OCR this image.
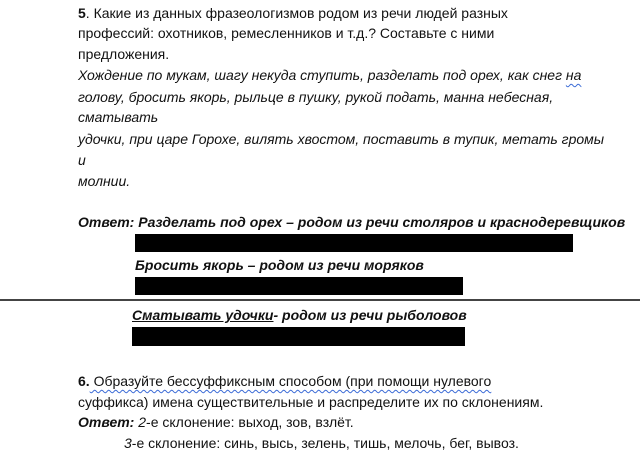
5. Какие из данных фразеологизмов родом из речи людей разных
профессий: охотников, ремесленников и т.д.? Составьте с ними
предложения.
Хождение по мукам, шагу некуда ступить, разделать под орех, как снег на
голову, бросить якорь, рыльце в пушку, рукой подать, манна небесная,
сматывать
удочки, при царе Горохе, вилять хвостом, поставить в тупик, метать громы
и
молнии.
Ответ: Разделать под орех – родом из речи столяров и краснодеревщиков
Бросить якорь – родом из речи моряков
Сматывать удочки- родом из речи рыболовов
6. Образуйте бессуффиксным способом (при помощи нулевого
суффикса) имена существительные и распределите их по склонениям.
Ответ: 2-е склонение: выход, зов, взлёт.
3-е склонение: синь, высь, зелень, тишь, мелочь, бег, вывоз.
